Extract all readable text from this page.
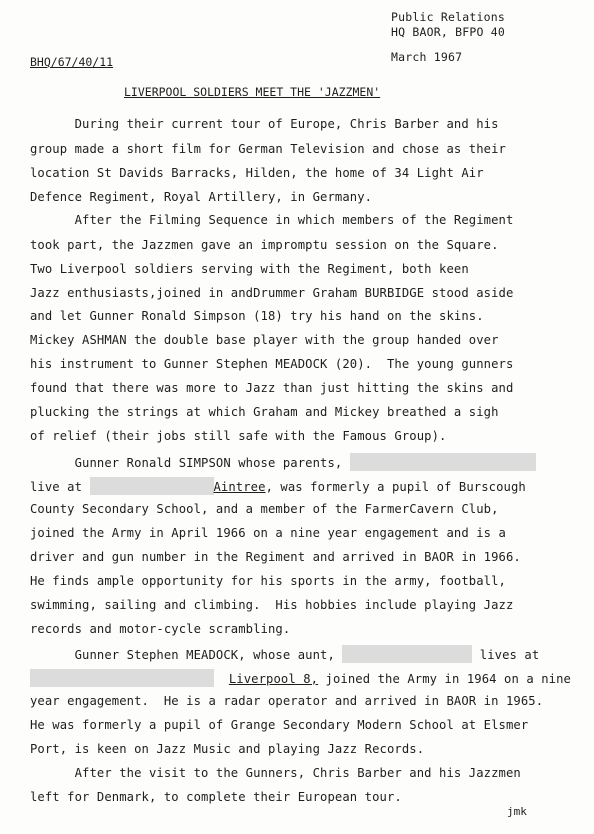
Public Relations
HQ BAOR, BFPO 40
March 1967
BHQ/67/40/11
LIVERPOOL SOLDIERS MEET THE 'JAZZMEN'
During their current tour of Europe, Chris Barber and his
group made a short film for German Television and chose as their
location St Davids Barracks, Hilden, the home of 34 Light Air
Defence Regiment, Royal Artillery, in Germany.
After the Filming Sequence in which members of the Regiment
took part, the Jazzmen gave an impromptu session on the Square.
Two Liverpool soldiers serving with the Regiment, both keen
Jazz enthusiasts,joined in andDrummer Graham BURBIDGE stood aside
and let Gunner Ronald Simpson (18) try his hand on the skins.
Mickey ASHMAN the double base player with the group handed over
his instrument to Gunner Stephen MEADOCK (20).  The young gunners
found that there was more to Jazz than just hitting the skins and
plucking the strings at which Graham and Mickey breathed a sigh
of relief (their jobs still safe with the Famous Group).
Gunner Ronald SIMPSON whose parents,
live at	Aintree, was formerly a pupil of Burscough
County Secondary School, and a member of the FarmerCavern Club,
joined the Army in April 1966 on a nine year engagement and is a
driver and gun number in the Regiment and arrived in BAOR in 1966.
He finds ample opportunity for his sports in the army, football,
swimming, sailing and climbing.  His hobbies include playing Jazz
records and motor-cycle scrambling.
Gunner Stephen MEADOCK, whose aunt,	lives at
Liverpool 8, joined the Army in 1964 on a nine
year engagement.  He is a radar operator and arrived in BAOR in 1965.
He was formerly a pupil of Grange Secondary Modern School at Elsmer
Port, is keen on Jazz Music and playing Jazz Records.
After the visit to the Gunners, Chris Barber and his Jazzmen
left for Denmark, to complete their European tour.
jmk
